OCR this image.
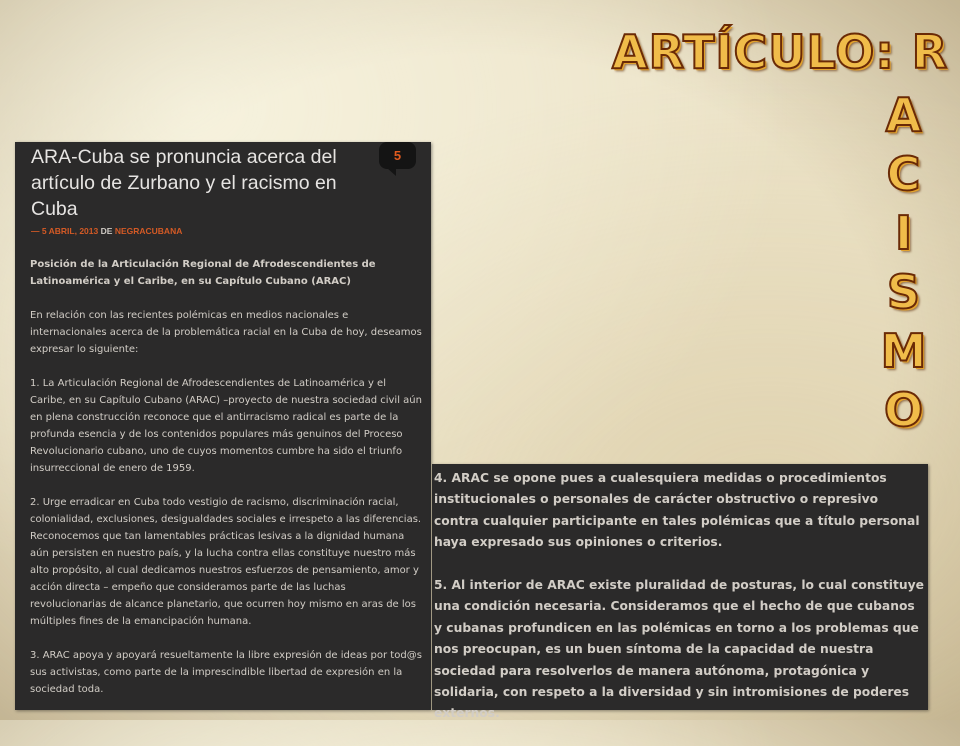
ARTÍCULO: R
A
C
I
S
M
O
ARA-Cuba se pronuncia acerca del artículo de Zurbano y el racismo en Cuba
5
— 5 ABRIL, 2013 DE NEGRACUBANA

Posición de la Articulación Regional de Afrodescendientes de Latinoamérica y el Caribe, en su Capítulo Cubano (ARAC)

En relación con las recientes polémicas en medios nacionales e internacionales acerca de la problemática racial en la Cuba de hoy, deseamos expresar lo siguiente:

1. La Articulación Regional de Afrodescendientes de Latinoamérica y el Caribe, en su Capítulo Cubano (ARAC) –proyecto de nuestra sociedad civil aún en plena construcción reconoce que el antirracismo radical es parte de la profunda esencia y de los contenidos populares más genuinos del Proceso Revolucionario cubano, uno de cuyos momentos cumbre ha sido el triunfo insurreccional de enero de 1959.

2. Urge erradicar en Cuba todo vestigio de racismo, discriminación racial, colonialidad, exclusiones, desigualdades sociales e irrespeto a las diferencias. Reconocemos que tan lamentables prácticas lesivas a la dignidad humana aún persisten en nuestro país, y la lucha contra ellas constituye nuestro más alto propósito, al cual dedicamos nuestros esfuerzos de pensamiento, amor y acción directa – empeño que consideramos parte de las luchas revolucionarias de alcance planetario, que ocurren hoy mismo en aras de los múltiples fines de la emancipación humana.

3. ARAC apoya y apoyará resueltamente la libre expresión de ideas por tod@s sus activistas, como parte de la imprescindible libertad de expresión en la sociedad toda.

4. ARAC se opone pues a cualesquiera medidas o procedimientos institucionales o personales de carácter obstructivo o represivo contra cualquier participante en tales polémicas que a título personal haya expresado sus opiniones o criterios.

5. Al interior de ARAC existe pluralidad de posturas, lo cual constituye una condición necesaria. Consideramos que el hecho de que cubanos y cubanas profundicen en las polémicas en torno a los problemas que nos preocupan, es un buen síntoma de la capacidad de nuestra sociedad para resolverlos de manera autónoma, protagónica y solidaria, con respeto a la diversidad y sin intromisiones de poderes externos.
